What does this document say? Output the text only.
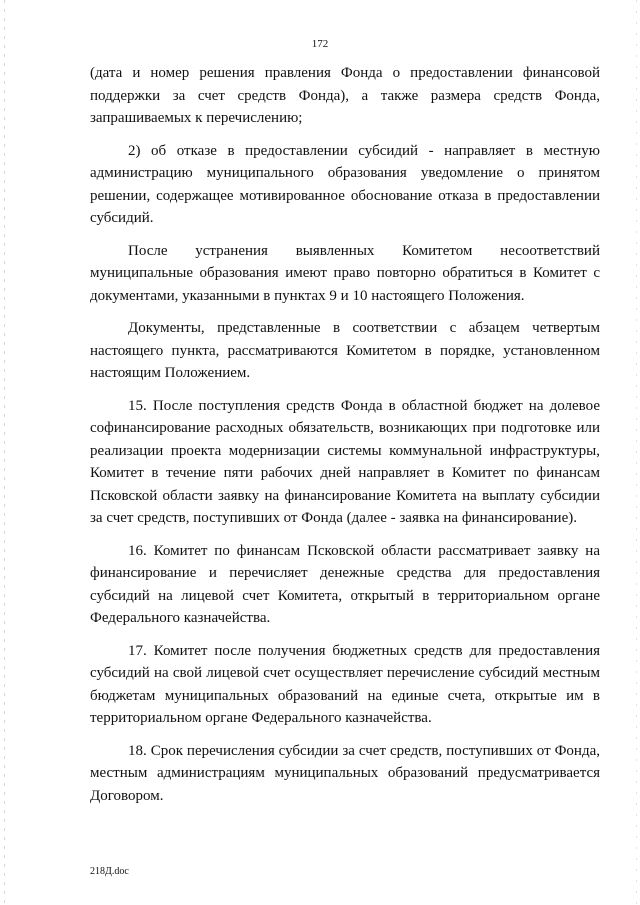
172

(дата и номер решения правления Фонда о предоставлении финансовой поддержки за счет средств Фонда), а также размера средств Фонда, запрашиваемых к перечислению;

2) об отказе в предоставлении субсидий - направляет в местную администрацию муниципального образования уведомление о принятом решении, содержащее мотивированное обоснование отказа в предоставлении субсидий.

После устранения выявленных Комитетом несоответствий муниципальные образования имеют право повторно обратиться в Комитет с документами, указанными в пунктах 9 и 10 настоящего Положения.

Документы, представленные в соответствии с абзацем четвертым настоящего пункта, рассматриваются Комитетом в порядке, установленном настоящим Положением.

15. После поступления средств Фонда в областной бюджет на долевое софинансирование расходных обязательств, возникающих при подготовке или реализации проекта модернизации системы коммунальной инфраструктуры, Комитет в течение пяти рабочих дней направляет в Комитет по финансам Псковской области заявку на финансирование Комитета на выплату субсидии за счет средств, поступивших от Фонда (далее - заявка на финансирование).

16. Комитет по финансам Псковской области рассматривает заявку на финансирование и перечисляет денежные средства для предоставления субсидий на лицевой счет Комитета, открытый в территориальном органе Федерального казначейства.

17. Комитет после получения бюджетных средств для предоставления субсидий на свой лицевой счет осуществляет перечисление субсидий местным бюджетам муниципальных образований на единые счета, открытые им в территориальном органе Федерального казначейства.

18. Срок перечисления субсидии за счет средств, поступивших от Фонда, местным администрациям муниципальных образований предусматривается Договором.

218Д.doc
